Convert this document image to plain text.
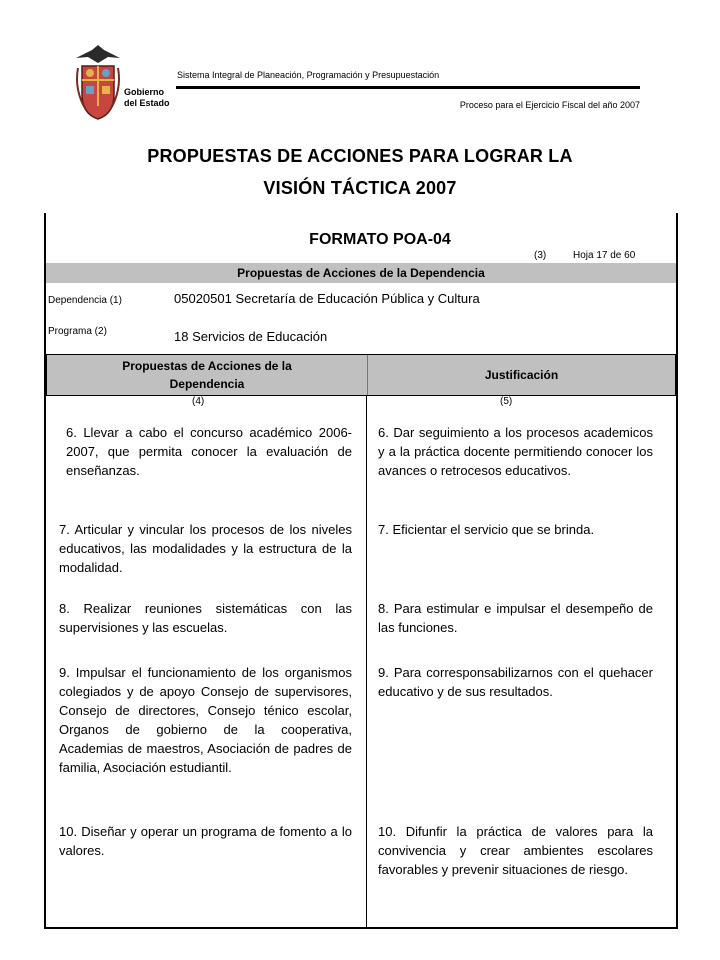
Gobierno
del Estado
Sistema Integral de Planeación, Programación y Presupuestación
Proceso para el Ejercicio Fiscal del año 2007
PROPUESTAS DE ACCIONES PARA LOGRAR LA
VISIÓN TÁCTICA 2007
FORMATO POA-04
(3)	Hoja 17 de 60
Propuestas de Acciones de la Dependencia
Dependencia (1)	05020501 Secretaría de Educación Pública y Cultura
Programa (2)	18 Servicios de Educación
Propuestas de Acciones de la
Dependencia
Justificación
(4)	(5)
6. Llevar a cabo el concurso académico 2006-2007, que permita conocer la evaluación de enseñanzas.
6. Dar seguimiento a los procesos academicos y a la práctica docente permitiendo conocer los avances o retrocesos educativos.
7. Articular y vincular los procesos de los niveles educativos, las modalidades y la estructura de la modalidad.
7. Eficientar el servicio que se brinda.
8. Realizar reuniones sistemáticas con las supervisiones y las escuelas.
8. Para estimular e impulsar el desempeño de las funciones.
9. Impulsar el funcionamiento de los organismos colegiados y de apoyo Consejo de supervisores, Consejo de directores, Consejo ténico escolar, Organos de gobierno de la cooperativa, Academias de maestros, Asociación de padres de familia, Asociación estudiantil.
9. Para corresponsabilizarnos con el quehacer educativo y de sus resultados.
10. Diseñar y operar un programa de fomento a lo valores.
10. Difunfir la práctica de valores para la convivencia y crear ambientes escolares favorables y prevenir situaciones de riesgo.
